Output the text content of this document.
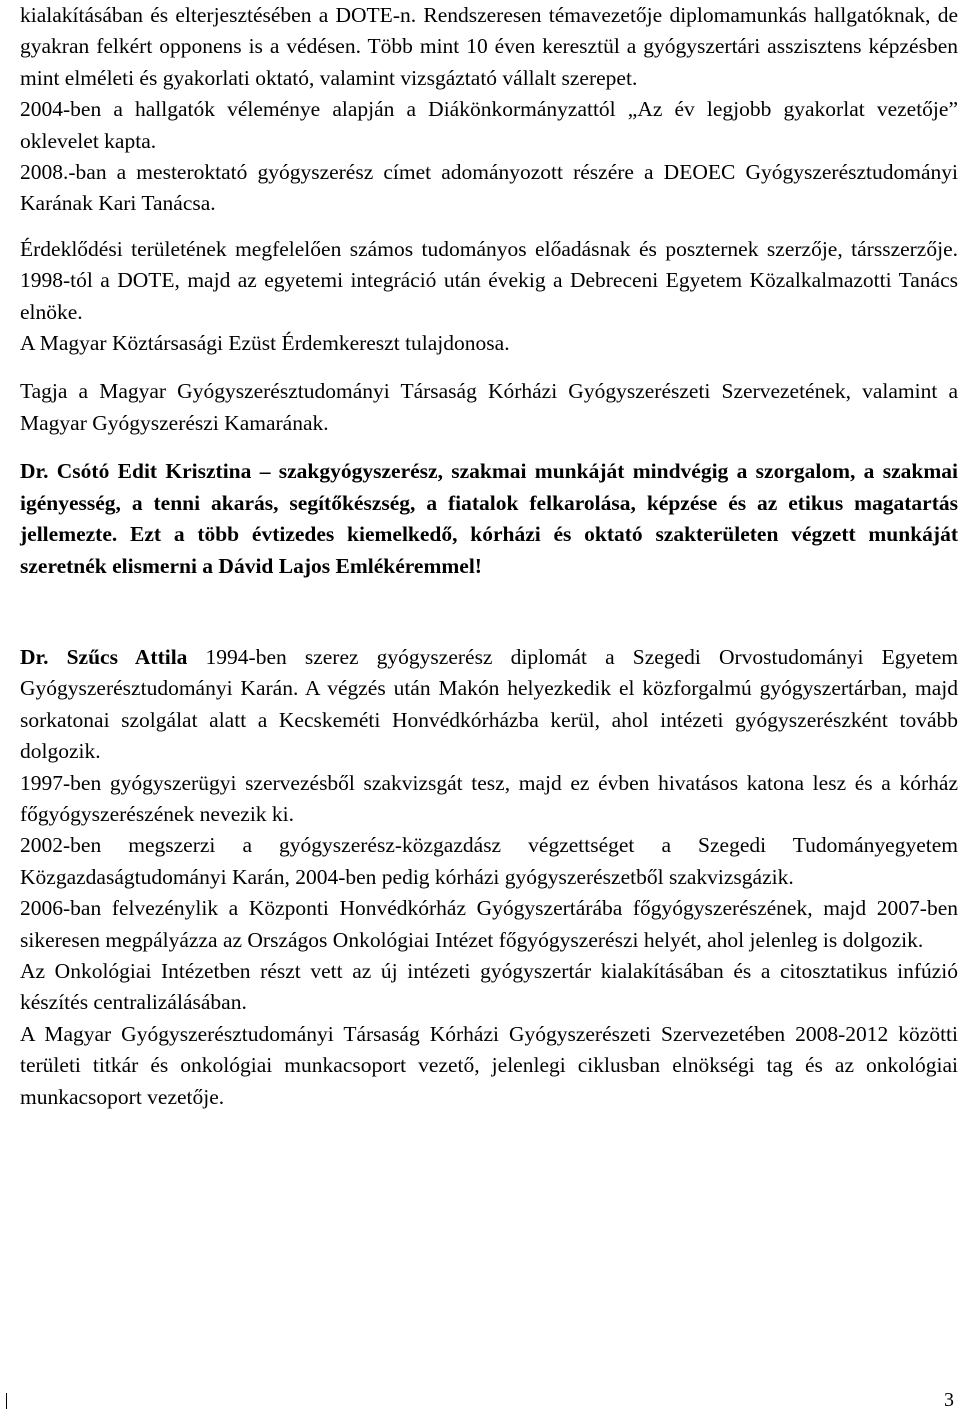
kialakításában és elterjesztésében a DOTE-n. Rendszeresen témavezetője diplomamunkás hallgatóknak, de gyakran felkért opponens is a védésen. Több mint 10 éven keresztül a gyógyszertári asszisztens képzésben mint elméleti és gyakorlati oktató, valamint vizsgáztató vállalt szerepet.

2004-ben a hallgatók véleménye alapján a Diákönkormányzattól „Az év legjobb gyakorlat vezetője” oklevelet kapta.

2008.-ban a mesteroktató gyógyszerész címet adományozott részére a DEOEC Gyógyszerésztudományi Karának Kari Tanácsa.

Érdeklődési területének megfelelően számos tudományos előadásnak és poszternek szerzője, társszerzője. 1998-tól a DOTE, majd az egyetemi integráció után évekig a Debreceni Egyetem Közalkalmazotti Tanács elnöke.

A Magyar Köztársasági Ezüst Érdemkereszt tulajdonosa.

Tagja a Magyar Gyógyszerésztudományi Társaság Kórházi Gyógyszerészeti Szervezetének, valamint a Magyar Gyógyszerészi Kamarának.

Dr. Csótó Edit Krisztina – szakgyógyszerész, szakmai munkáját mindvégig a szorgalom, a szakmai igényesség, a tenni akarás, segítőkészség, a fiatalok felkarolása, képzése és az etikus magatartás jellemezte. Ezt a több évtizedes kiemelkedő, kórházi és oktató szakterületen végzett munkáját szeretnék elismerni a Dávid Lajos Emlékéremmel!

Dr. Szűcs Attila 1994-ben szerez gyógyszerész diplomát a Szegedi Orvostudományi Egyetem Gyógyszerésztudományi Karán. A végzés után Makón helyezkedik el közforgalmú gyógyszertárban, majd sorkatonai szolgálat alatt a Kecskeméti Honvédkórházba kerül, ahol intézeti gyógyszerészként tovább dolgozik.

1997-ben gyógyszerügyi szervezésből szakvizsgát tesz, majd ez évben hivatásos katona lesz és a kórház főgyógyszerészének nevezik ki.

2002-ben megszerzi a gyógyszerész-közgazdász végzettséget a Szegedi Tudományegyetem Közgazdaságtudományi Karán, 2004-ben pedig kórházi gyógyszerészetből szakvizsgázik.

2006-ban felvezénylik a Központi Honvédkórház Gyógyszertárába főgyógyszerészének, majd 2007-ben sikeresen megpályázza az Országos Onkológiai Intézet főgyógyszerészi helyét, ahol jelenleg is dolgozik.

Az Onkológiai Intézetben részt vett az új intézeti gyógyszertár kialakításában és a citosztatikus infúzió készítés centralizálásában.

A Magyar Gyógyszerésztudományi Társaság Kórházi Gyógyszerészeti Szervezetében 2008-2012 közötti területi titkár és onkológiai munkacsoport vezető, jelenlegi ciklusban elnökségi tag és az onkológiai munkacsoport vezetője.

3
